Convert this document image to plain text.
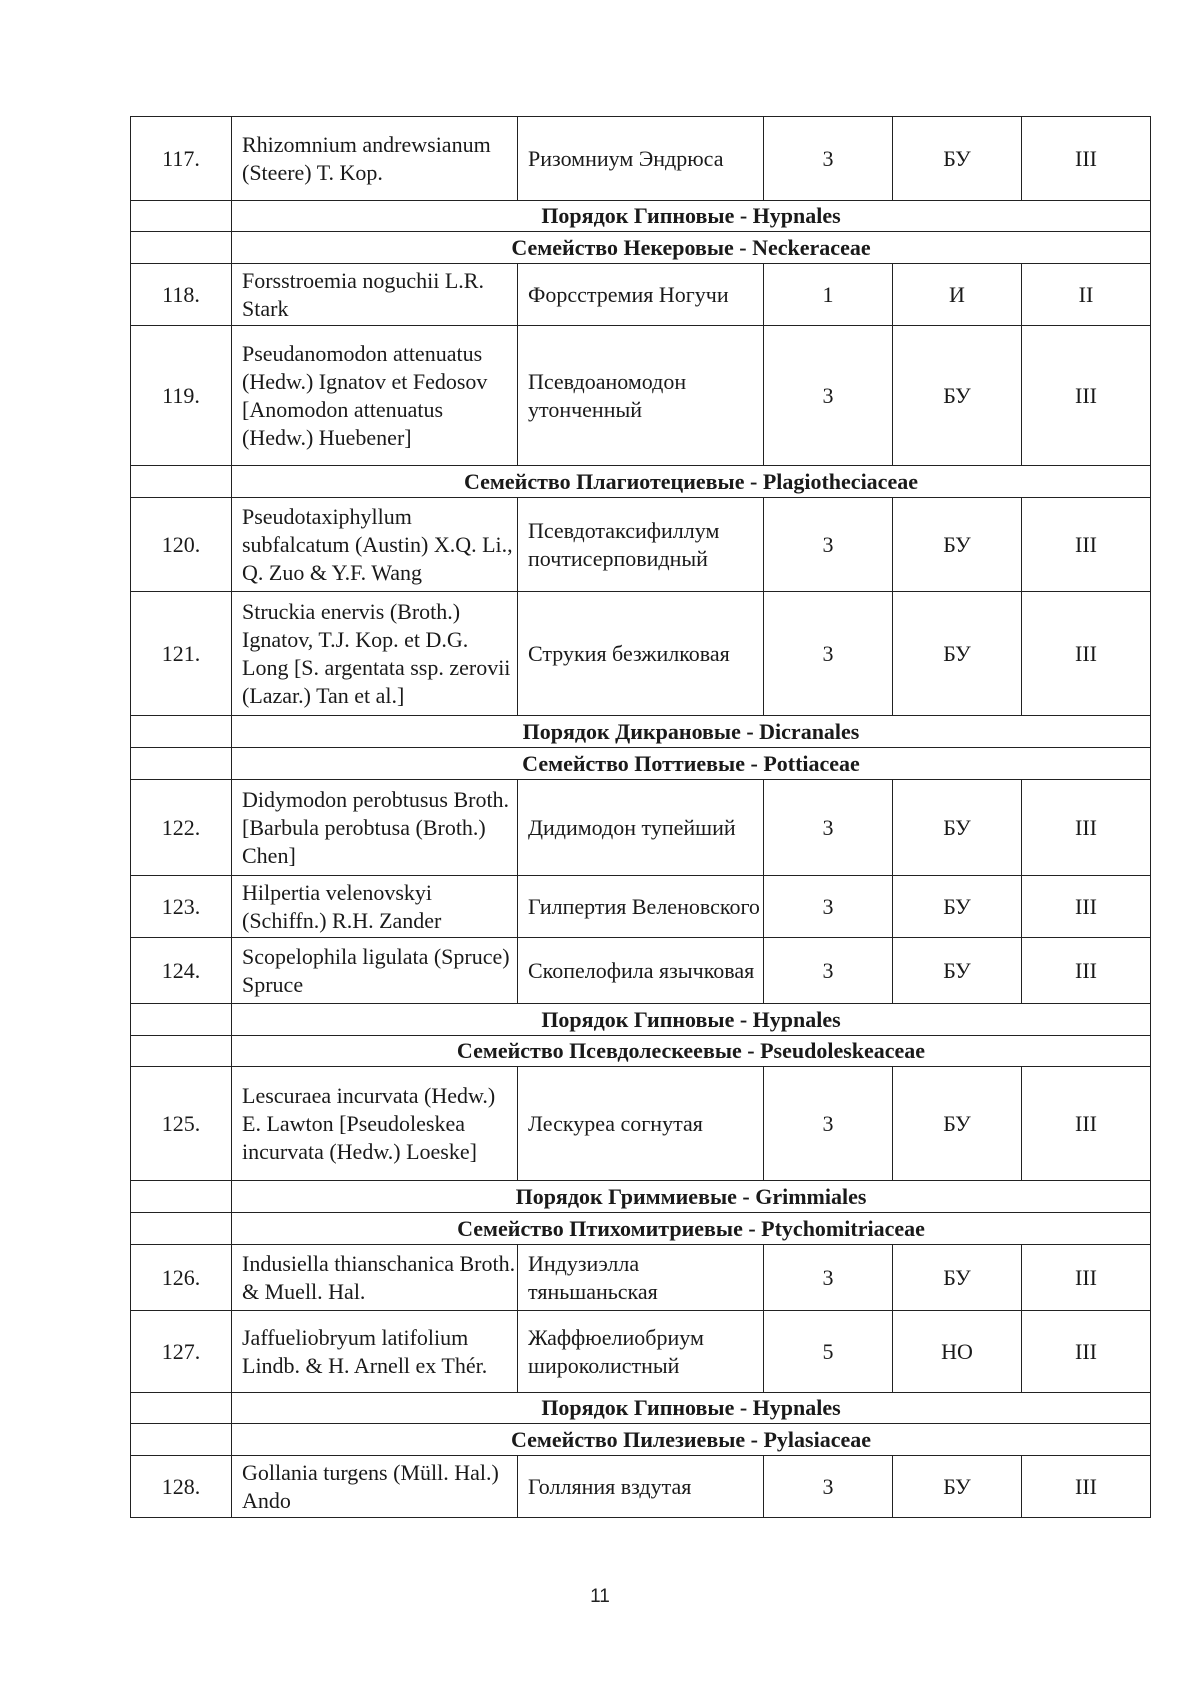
117.	Rhizomnium andrewsianum (Steere) T. Kop.	Ризомниум Эндрюса	3	БУ	III
	Порядок Гипновые - Hypnales				
	Семейство Некеровые - Neckeraceae				
118.	Forsstroemia noguchii L.R. Stark	Форсстремия Ногучи	1	И	II
119.	Pseudanomodon attenuatus (Hedw.) Ignatov et Fedosov [Anomodon attenuatus (Hedw.) Huebener]	Псевдоаномодон утонченный	3	БУ	III
	Семейство Плагиотециевые - Plagiotheciaceae				
120.	Pseudotaxiphyllum subfalcatum (Austin) X.Q. Li., Q. Zuo & Y.F. Wang	Псевдотаксифиллум почтисерповидный	3	БУ	III
121.	Struckia enervis (Broth.) Ignatov, T.J. Kop. et D.G. Long [S. argentata ssp. zerovii (Lazar.) Tan et al.]	Струкия безжилковая	3	БУ	III
	Порядок Дикрановые - Dicranales				
	Семейство Поттиевые - Pottiaceae				
122.	Didymodon perobtusus Broth. [Barbula perobtusa (Broth.) Chen]	Дидимодон тупейший	3	БУ	III
123.	Hilpertia velenovskyi (Schiffn.) R.H. Zander	Гилпертия Веленовского	3	БУ	III
124.	Scopelophila ligulata (Spruce) Spruce	Скопелофила язычковая	3	БУ	III
	Порядок Гипновые - Hypnales				
	Семейство Псевдолескеевые - Pseudoleskeaceae				
125.	Lescuraea incurvata (Hedw.) E. Lawton [Pseudoleskea incurvata (Hedw.) Loeske]	Лескуреа согнутая	3	БУ	III
	Порядок Гриммиевые - Grimmiales				
	Семейство Птихомитриевые - Ptychomitriaceae				
126.	Indusiella thianschanica Broth. & Muell. Hal.	Индузиэлла тяньшаньская	3	БУ	III
127.	Jaffueliobryum latifolium Lindb. & H. Arnell ex Thér.	Жаффюелиобриум широколистный	5	НО	III
	Порядок Гипновые - Hypnales				
	Семейство Пилезиевые - Pylasiaceae				
128.	Gollania turgens (Müll. Hal.) Ando	Голляния вздутая	3	БУ	III
11
